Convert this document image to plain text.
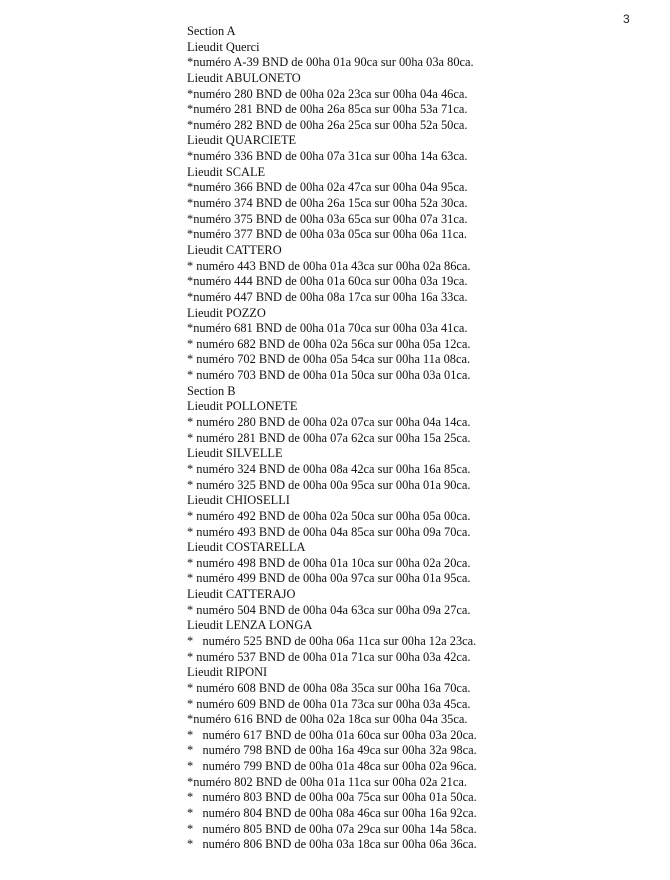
3
Section A
Lieudit Querci
*numéro A-39 BND de 00ha 01a 90ca sur 00ha 03a 80ca.
Lieudit ABULONETO
*numéro 280 BND de 00ha 02a 23ca sur 00ha 04a 46ca.
*numéro 281 BND de 00ha 26a 85ca sur 00ha 53a 71ca.
*numéro 282 BND de 00ha 26a 25ca sur 00ha 52a 50ca.
Lieudit QUARCIETE
*numéro 336 BND de 00ha 07a 31ca sur 00ha 14a 63ca.
Lieudit SCALE
*numéro 366 BND de 00ha 02a 47ca sur 00ha 04a 95ca.
*numéro 374 BND de 00ha 26a 15ca sur 00ha 52a 30ca.
*numéro 375 BND de 00ha 03a 65ca sur 00ha 07a 31ca.
*numéro 377 BND de 00ha 03a 05ca sur 00ha 06a 11ca.
Lieudit CATTERO
* numéro 443 BND de 00ha 01a 43ca sur 00ha 02a 86ca.
*numéro 444 BND de 00ha 01a 60ca sur 00ha 03a 19ca.
*numéro 447 BND de 00ha 08a 17ca sur 00ha 16a 33ca.
Lieudit POZZO
*numéro 681 BND de 00ha 01a 70ca sur 00ha 03a 41ca.
* numéro 682 BND de 00ha 02a 56ca sur 00ha 05a 12ca.
* numéro 702 BND de 00ha 05a 54ca sur 00ha 11a 08ca.
* numéro 703 BND de 00ha 01a 50ca sur 00ha 03a 01ca.
Section B
Lieudit POLLONETE
* numéro 280 BND de 00ha 02a 07ca sur 00ha 04a 14ca.
* numéro 281 BND de 00ha 07a 62ca sur 00ha 15a 25ca.
Lieudit SILVELLE
* numéro 324 BND de 00ha 08a 42ca sur 00ha 16a 85ca.
* numéro 325 BND de 00ha 00a 95ca sur 00ha 01a 90ca.
Lieudit CHIOSELLI
* numéro 492 BND de 00ha 02a 50ca sur 00ha 05a 00ca.
* numéro 493 BND de 00ha 04a 85ca sur 00ha 09a 70ca.
Lieudit COSTARELLA
* numéro 498 BND de 00ha 01a 10ca sur 00ha 02a 20ca.
* numéro 499 BND de 00ha 00a 97ca sur 00ha 01a 95ca.
Lieudit CATTERAJO
* numéro 504 BND de 00ha 04a 63ca sur 00ha 09a 27ca.
Lieudit LENZA LONGA
*   numéro 525 BND de 00ha 06a 11ca sur 00ha 12a 23ca.
* numéro 537 BND de 00ha 01a 71ca sur 00ha 03a 42ca.
Lieudit RIPONI
* numéro 608 BND de 00ha 08a 35ca sur 00ha 16a 70ca.
* numéro 609 BND de 00ha 01a 73ca sur 00ha 03a 45ca.
*numéro 616 BND de 00ha 02a 18ca sur 00ha 04a 35ca.
*   numéro 617 BND de 00ha 01a 60ca sur 00ha 03a 20ca.
*   numéro 798 BND de 00ha 16a 49ca sur 00ha 32a 98ca.
*   numéro 799 BND de 00ha 01a 48ca sur 00ha 02a 96ca.
*numéro 802 BND de 00ha 01a 11ca sur 00ha 02a 21ca.
*   numéro 803 BND de 00ha 00a 75ca sur 00ha 01a 50ca.
*   numéro 804 BND de 00ha 08a 46ca sur 00ha 16a 92ca.
*   numéro 805 BND de 00ha 07a 29ca sur 00ha 14a 58ca.
*   numéro 806 BND de 00ha 03a 18ca sur 00ha 06a 36ca.
